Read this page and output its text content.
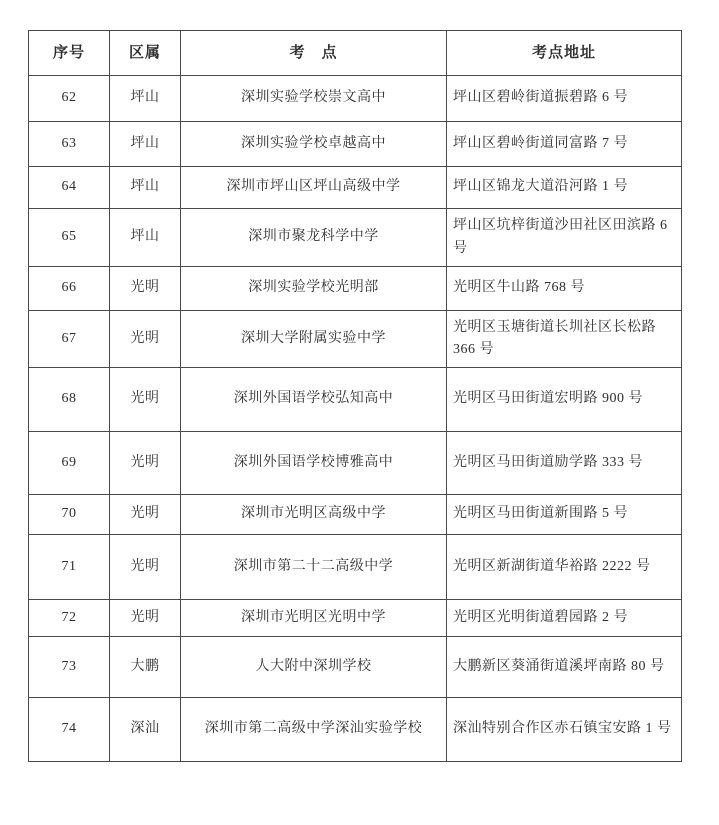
序号	区属	考　点	考点地址
62	坪山	深圳实验学校崇文高中	坪山区碧岭街道振碧路 6 号
63	坪山	深圳实验学校卓越高中	坪山区碧岭街道同富路 7 号
64	坪山	深圳市坪山区坪山高级中学	坪山区锦龙大道沿河路 1 号
65	坪山	深圳市聚龙科学中学	坪山区坑梓街道沙田社区田滨路 6 号
66	光明	深圳实验学校光明部	光明区牛山路 768 号
67	光明	深圳大学附属实验中学	光明区玉塘街道长圳社区长松路 366 号
68	光明	深圳外国语学校弘知高中	光明区马田街道宏明路 900 号
69	光明	深圳外国语学校博雅高中	光明区马田街道励学路 333 号
70	光明	深圳市光明区高级中学	光明区马田街道新围路 5 号
71	光明	深圳市第二十二高级中学	光明区新湖街道华裕路 2222 号
72	光明	深圳市光明区光明中学	光明区光明街道碧园路 2 号
73	大鹏	人大附中深圳学校	大鹏新区葵涌街道溪坪南路 80 号
74	深汕	深圳市第二高级中学深汕实验学校	深汕特别合作区赤石镇宝安路 1 号
